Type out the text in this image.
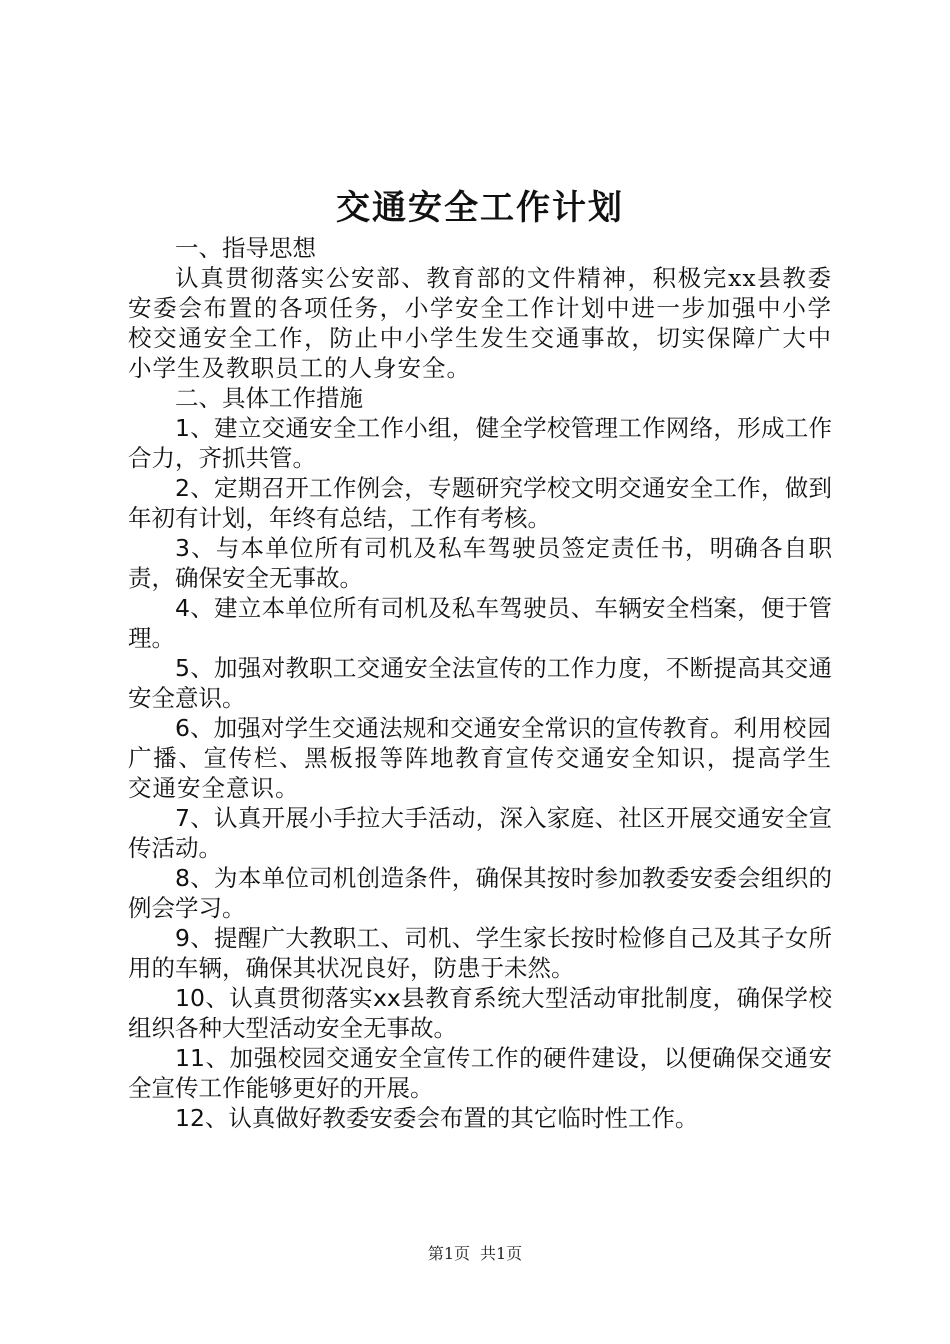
交通安全工作计划

一、指导思想

认真贯彻落实公安部、教育部的文件精神，积极完xx县教委安委会布置的各项任务，小学安全工作计划中进一步加强中小学校交通安全工作，防止中小学生发生交通事故，切实保障广大中小学生及教职员工的人身安全。

二、具体工作措施

1、建立交通安全工作小组，健全学校管理工作网络，形成工作合力，齐抓共管。

2、定期召开工作例会，专题研究学校文明交通安全工作，做到年初有计划，年终有总结，工作有考核。

3、与本单位所有司机及私车驾驶员签定责任书，明确各自职责，确保安全无事故。

4、建立本单位所有司机及私车驾驶员、车辆安全档案，便于管理。

5、加强对教职工交通安全法宣传的工作力度，不断提高其交通安全意识。

6、加强对学生交通法规和交通安全常识的宣传教育。利用校园广播、宣传栏、黑板报等阵地教育宣传交通安全知识，提高学生交通安全意识。

7、认真开展小手拉大手活动，深入家庭、社区开展交通安全宣传活动。

8、为本单位司机创造条件，确保其按时参加教委安委会组织的例会学习。

9、提醒广大教职工、司机、学生家长按时检修自己及其子女所用的车辆，确保其状况良好，防患于未然。

10、认真贯彻落实xx县教育系统大型活动审批制度，确保学校组织各种大型活动安全无事故。

11、加强校园交通安全宣传工作的硬件建设，以便确保交通安全宣传工作能够更好的开展。

12、认真做好教委安委会布置的其它临时性工作。

第1页 共1页
